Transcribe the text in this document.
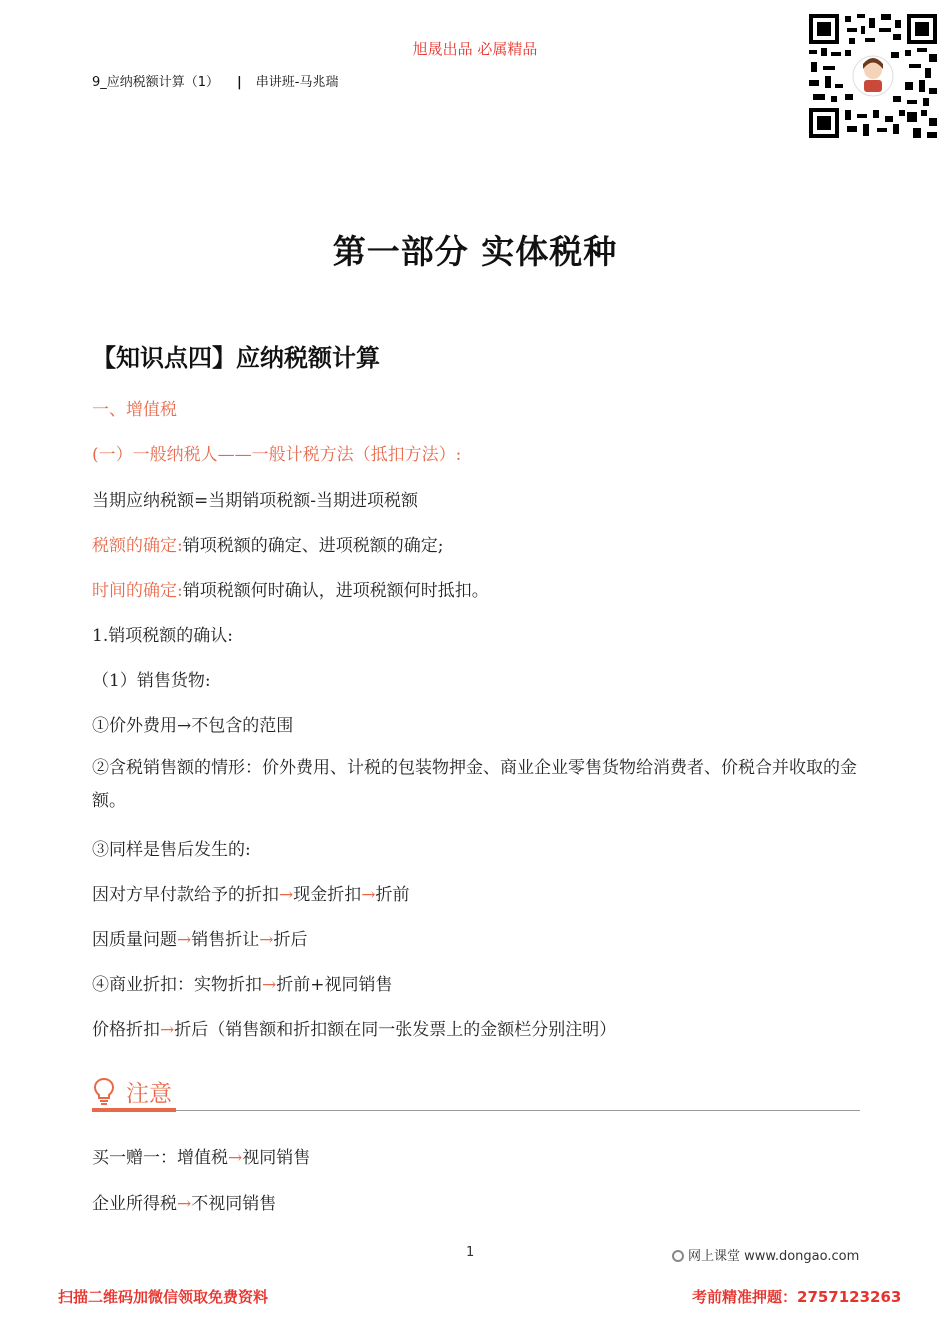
旭晟出品 必属精品
9_应纳税额计算（1） | 串讲班-马兆瑞
第一部分 实体税种
【知识点四】应纳税额计算
一、增值税
(一）一般纳税人——一般计税方法（抵扣方法）:
当期应纳税额=当期销项税额-当期进项税额
税额的确定:销项税额的确定、进项税额的确定;
时间的确定:销项税额何时确认，进项税额何时抵扣。
1.销项税额的确认:
（1）销售货物:
①价外费用→不包含的范围
②含税销售额的情形：价外费用、计税的包装物押金、商业企业零售货物给消费者、价税合并收取的金额。
③同样是售后发生的:
因对方早付款给予的折扣→现金折扣→折前
因质量问题→销售折让→折后
④商业折扣：实物折扣→折前+视同销售
价格折扣→折后（销售额和折扣额在同一张发票上的金额栏分别注明）
注意
买一赠一：增值税→视同销售
企业所得税→不视同销售
1	网上课堂 www.dongao.com
扫描二维码加微信领取免费资料	考前精准押题：2757123263
